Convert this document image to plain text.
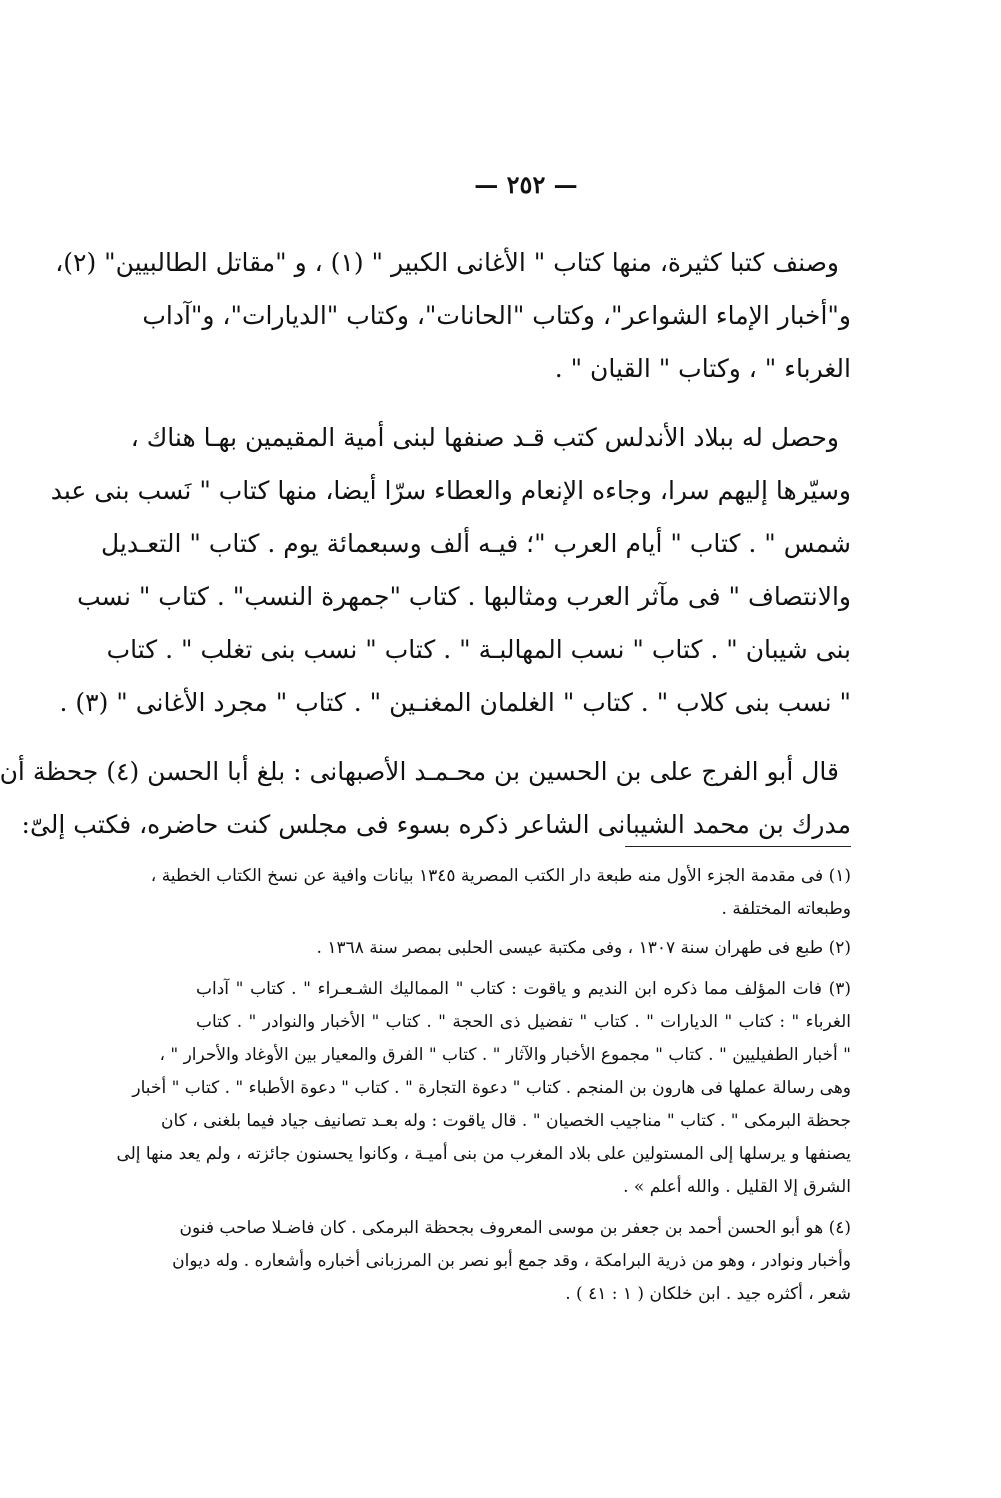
— ٢٥٢ —

وصنف كتبا كثيرة، منها كتاب " الأغانى الكبير " (١) ، و "مقاتل الطالبيين" (٢)،
و"أخبار الإماء الشواعر"، وكتاب "الحانات"، وكتاب "الديارات"، و"آداب
الغرباء " ، وكتاب " القيان " .

وحصل له ببلاد الأندلس كتب قـد صنفها لبنى أمية المقيمين بهـا هناك ،
وسيّرها إليهم سرا، وجاءه الإنعام والعطاء سرّا أيضا، منها كتاب " نَسب بنى عبد
شمس " . كتاب " أيام العرب "؛ فيـه ألف وسبعمائة يوم . كتاب " التعـديل
والانتصاف " فى مآثر العرب ومثالبها . كتاب "جمهرة النسب" . كتاب " نسب
بنى شيبان " . كتاب " نسب المهالبـة " . كتاب " نسب بنى تغلب " . كتاب
" نسب بنى كلاب " . كتاب " الغلمان المغنـين " . كتاب " مجرد الأغانى " (٣) .

قال أبو الفرج على بن الحسين بن محـمـد الأصبهانى : بلغ أبا الحسن (٤) جحظة أن
مدرك بن محمد الشيبانى الشاعر ذكره بسوء فى مجلس كنت حاضره، فكتب إلىّ:

(١) فى مقدمة الجزء الأول منه طبعة دار الكتب المصرية ١٣٤٥ بيانات وافية عن نسخ الكتاب الخطية ،
وطبعاته المختلفة .

(٢) طبع فى طهران سنة ١٣٠٧ ، وفى مكتبة عيسى الحلبى بمصر سنة ١٣٦٨ .

(٣) فات المؤلف مما ذكره ابن النديم و ياقوت : كتاب " المماليك الشـعـراء " . كتاب " آداب
الغرباء " : كتاب " الديارات " . كتاب " تفضيل ذى الحجة " . كتاب " الأخبار والنوادر " . كتاب
" أخبار الطفيليين " . كتاب " مجموع الأخبار والآثار " . كتاب " الفرق والمعيار بين الأوغاد والأحرار " ،
وهى رسالة عملها فى هارون بن المنجم . كتاب " دعوة التجارة " . كتاب " دعوة الأطباء " . كتاب " أخبار
جحظة البرمكى " . كتاب " مناجيب الخصيان " . قال ياقوت : وله بعـد تصانيف جياد فيما بلغنى ، كان
يصنفها و يرسلها إلى المستولين على بلاد المغرب من بنى أميـة ، وكانوا يحسنون جائزته ، ولم يعد منها إلى
الشرق إلا القليل . والله أعلم » .

(٤) هو أبو الحسن أحمد بن جعفر بن موسى المعروف بجحظة البرمكى . كان فاضـلا صاحب فنون
وأخبار ونوادر ، وهو من ذرية البرامكة ، وقد جمع أبو نصر بن المرزبانى أخباره وأشعاره . وله ديوان
شعر ، أكثره جيد . ابن خلكان ( ١ : ٤١ ) .
